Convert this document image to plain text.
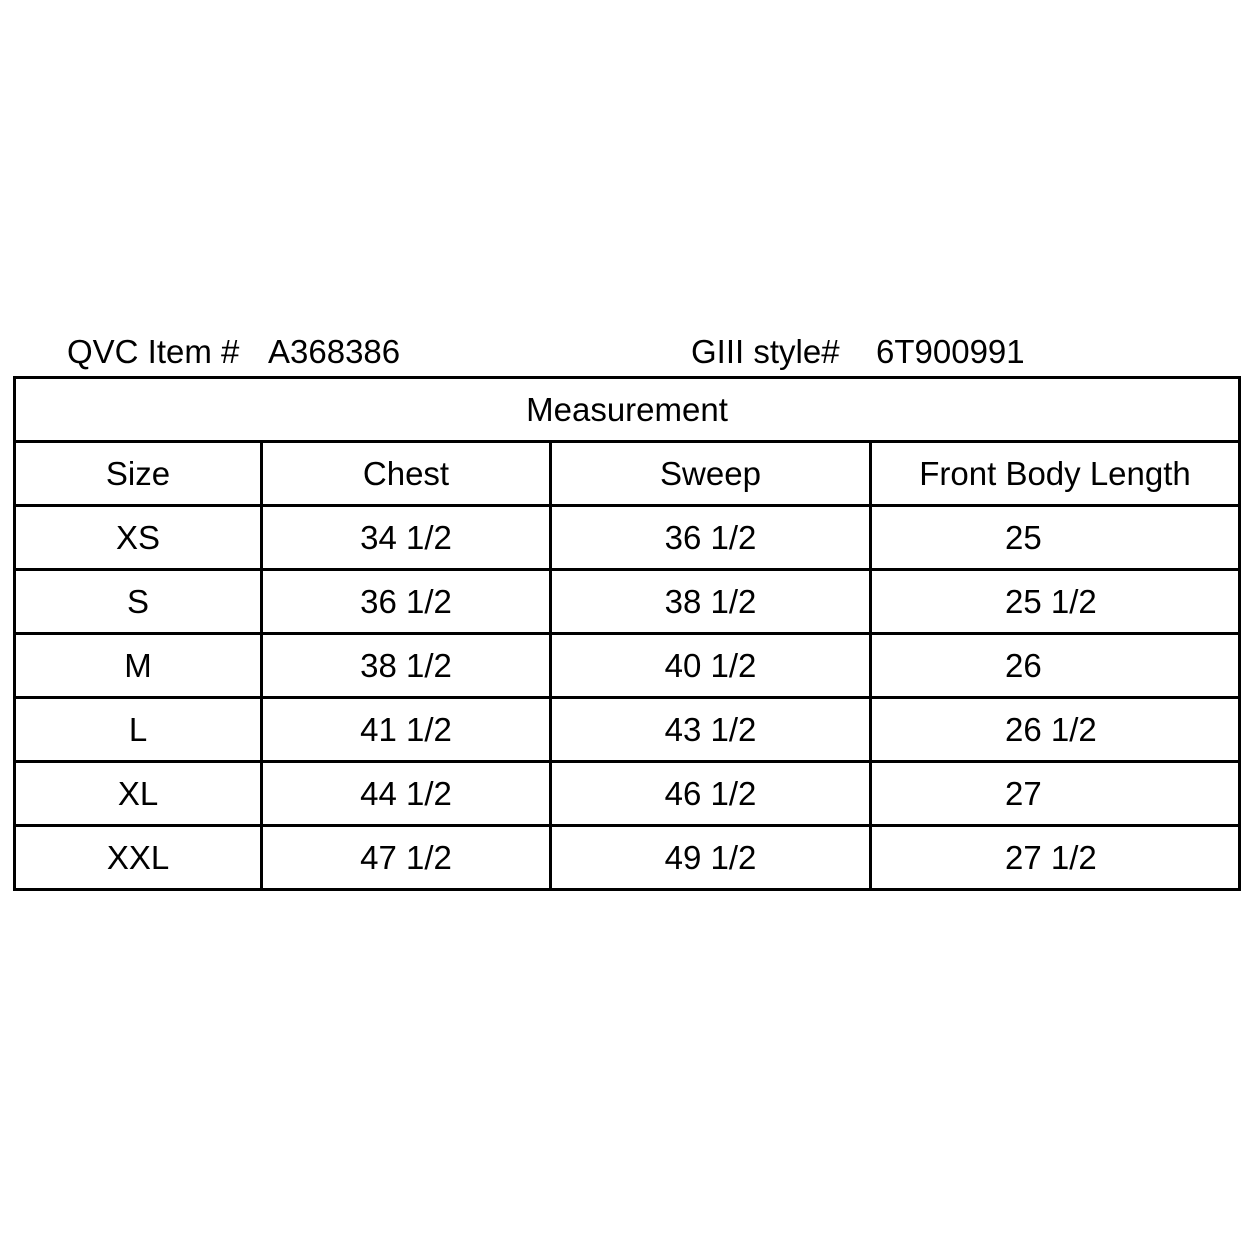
QVC Item # A368386	GIII style# 6T900991
Measurement			
Size	Chest	Sweep	Front Body Length
XS	34 1/2	36 1/2	25
S	36 1/2	38 1/2	25 1/2
M	38 1/2	40 1/2	26
L	41 1/2	43 1/2	26 1/2
XL	44 1/2	46 1/2	27
XXL	47 1/2	49 1/2	27 1/2
